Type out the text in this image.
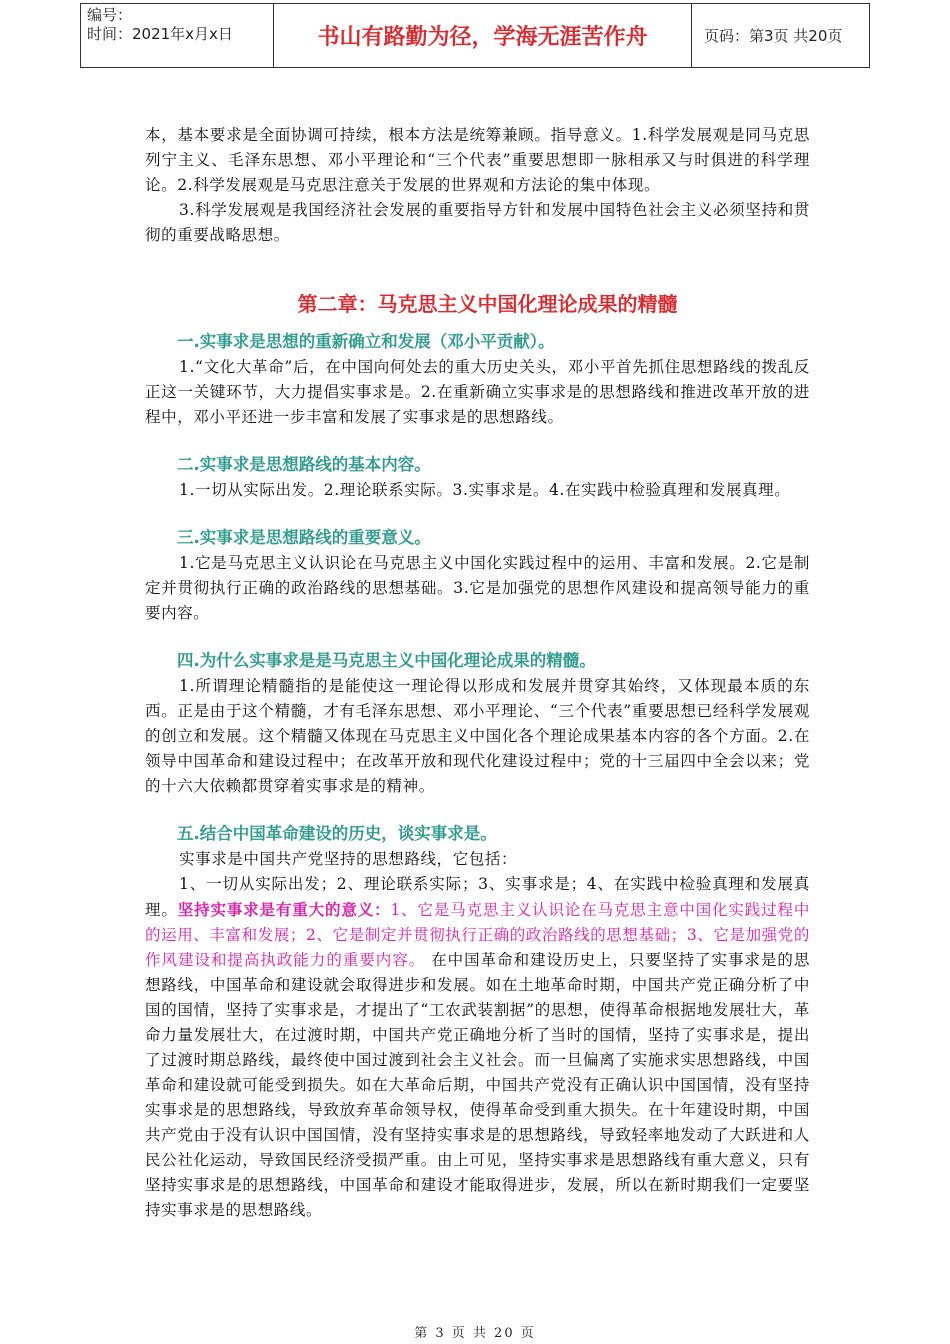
编号：
时间：2021年x月x日	书山有路勤为径，学海无涯苦作舟	页码：第3页 共20页

本，基本要求是全面协调可持续，根本方法是统筹兼顾。指导意义。1.科学发展观是同马克思列宁主义、毛泽东思想、邓小平理论和“三个代表”重要思想即一脉相承又与时俱进的科学理论。2.科学发展观是马克思注意关于发展的世界观和方法论的集中体现。

3.科学发展观是我国经济社会发展的重要指导方针和发展中国特色社会主义必须坚持和贯彻的重要战略思想。

第二章：马克思主义中国化理论成果的精髓
一.实事求是思想的重新确立和发展（邓小平贡献）。

1.“文化大革命”后，在中国向何处去的重大历史关头，邓小平首先抓住思想路线的拨乱反正这一关键环节，大力提倡实事求是。2.在重新确立实事求是的思想路线和推进改革开放的进程中，邓小平还进一步丰富和发展了实事求是的思想路线。

二.实事求是思想路线的基本内容。

1.一切从实际出发。2.理论联系实际。3.实事求是。4.在实践中检验真理和发展真理。

三.实事求是思想路线的重要意义。

1.它是马克思主义认识论在马克思主义中国化实践过程中的运用、丰富和发展。2.它是制定并贯彻执行正确的政治路线的思想基础。3.它是加强党的思想作风建设和提高领导能力的重要内容。

四.为什么实事求是是马克思主义中国化理论成果的精髓。

1.所谓理论精髓指的是能使这一理论得以形成和发展并贯穿其始终，又体现最本质的东西。正是由于这个精髓，才有毛泽东思想、邓小平理论、“三个代表”重要思想已经科学发展观的创立和发展。这个精髓又体现在马克思主义中国化各个理论成果基本内容的各个方面。2.在领导中国革命和建设过程中；在改革开放和现代化建设过程中；党的十三届四中全会以来；党的十六大依赖都贯穿着实事求是的精神。

五.结合中国革命建设的历史，谈实事求是。

实事求是中国共产党坚持的思想路线，它包括：

1、一切从实际出发；2、理论联系实际；3、实事求是；4、在实践中检验真理和发展真理。坚持实事求是有重大的意义：1、它是马克思主义认识论在马克思主意中国化实践过程中的运用、丰富和发展；2、它是制定并贯彻执行正确的政治路线的思想基础；3、它是加强党的作风建设和提高执政能力的重要内容。 在中国革命和建设历史上，只要坚持了实事求是的思想路线，中国革命和建设就会取得进步和发展。如在土地革命时期，中国共产党正确分析了中国的国情，坚持了实事求是，才提出了“工农武装割据”的思想，使得革命根据地发展壮大，革命力量发展壮大，在过渡时期，中国共产党正确地分析了当时的国情，坚持了实事求是，提出了过渡时期总路线，最终使中国过渡到社会主义社会。而一旦偏离了实施求实思想路线，中国革命和建设就可能受到损失。如在大革命后期，中国共产党没有正确认识中国国情，没有坚持实事求是的思想路线，导致放弃革命领导权，使得革命受到重大损失。在十年建设时期，中国共产党由于没有认识中国国情，没有坚持实事求是的思想路线，导致轻率地发动了大跃进和人民公社化运动，导致国民经济受损严重。由上可见，坚持实事求是思想路线有重大意义，只有坚持实事求是的思想路线，中国革命和建设才能取得进步，发展，所以在新时期我们一定要坚持实事求是的思想路线。

第 3 页 共 20 页
